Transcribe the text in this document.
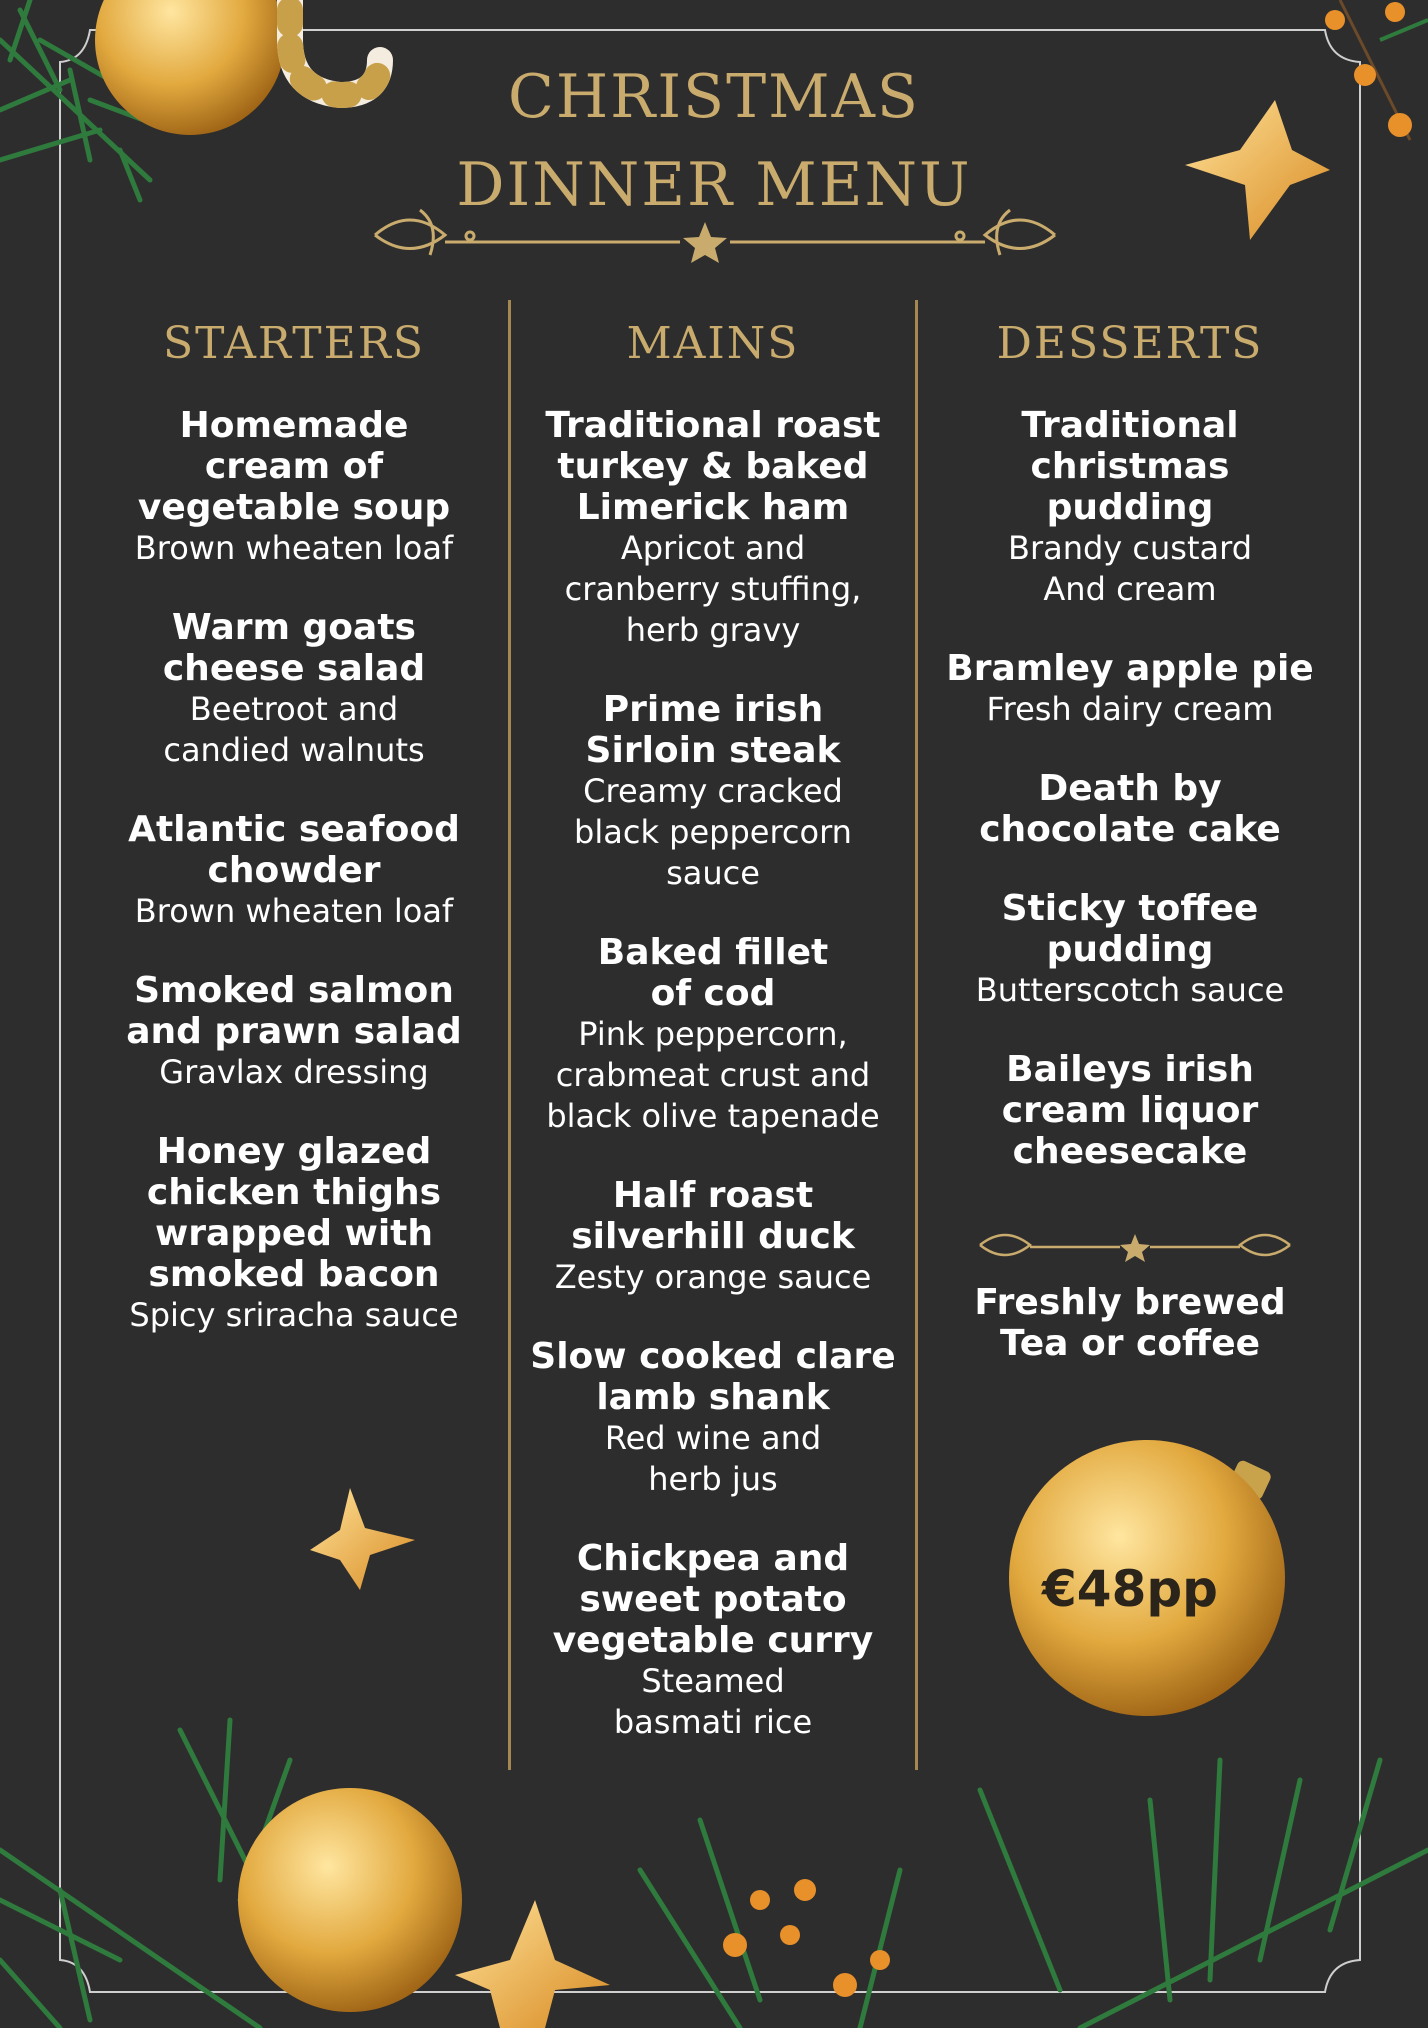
CHRISTMAS
DINNER MENU
STARTERS
Homemade
cream of
vegetable soup
Brown wheaten loaf
Warm goats
cheese salad
Beetroot and
candied walnuts
Atlantic seafood
chowder
Brown wheaten loaf
Smoked salmon
and prawn salad
Gravlax dressing
Honey glazed
chicken thighs
wrapped with
smoked bacon
Spicy sriracha sauce
MAINS
Traditional roast
turkey & baked
Limerick ham
Apricot and
cranberry stuffing,
herb gravy
Prime irish
Sirloin steak
Creamy cracked
black peppercorn
sauce
Baked fillet
of cod
Pink peppercorn,
crabmeat crust and
black olive tapenade
Half roast
silverhill duck
Zesty orange sauce
Slow cooked clare
lamb shank
Red wine and
herb jus
Chickpea and
sweet potato
vegetable curry
Steamed
basmati rice
DESSERTS
Traditional
christmas
pudding
Brandy custard
And cream
Bramley apple pie
Fresh dairy cream
Death by
chocolate cake
Sticky toffee
pudding
Butterscotch sauce
Baileys irish
cream liquor
cheesecake
Freshly brewed
Tea or coffee
€48pp
